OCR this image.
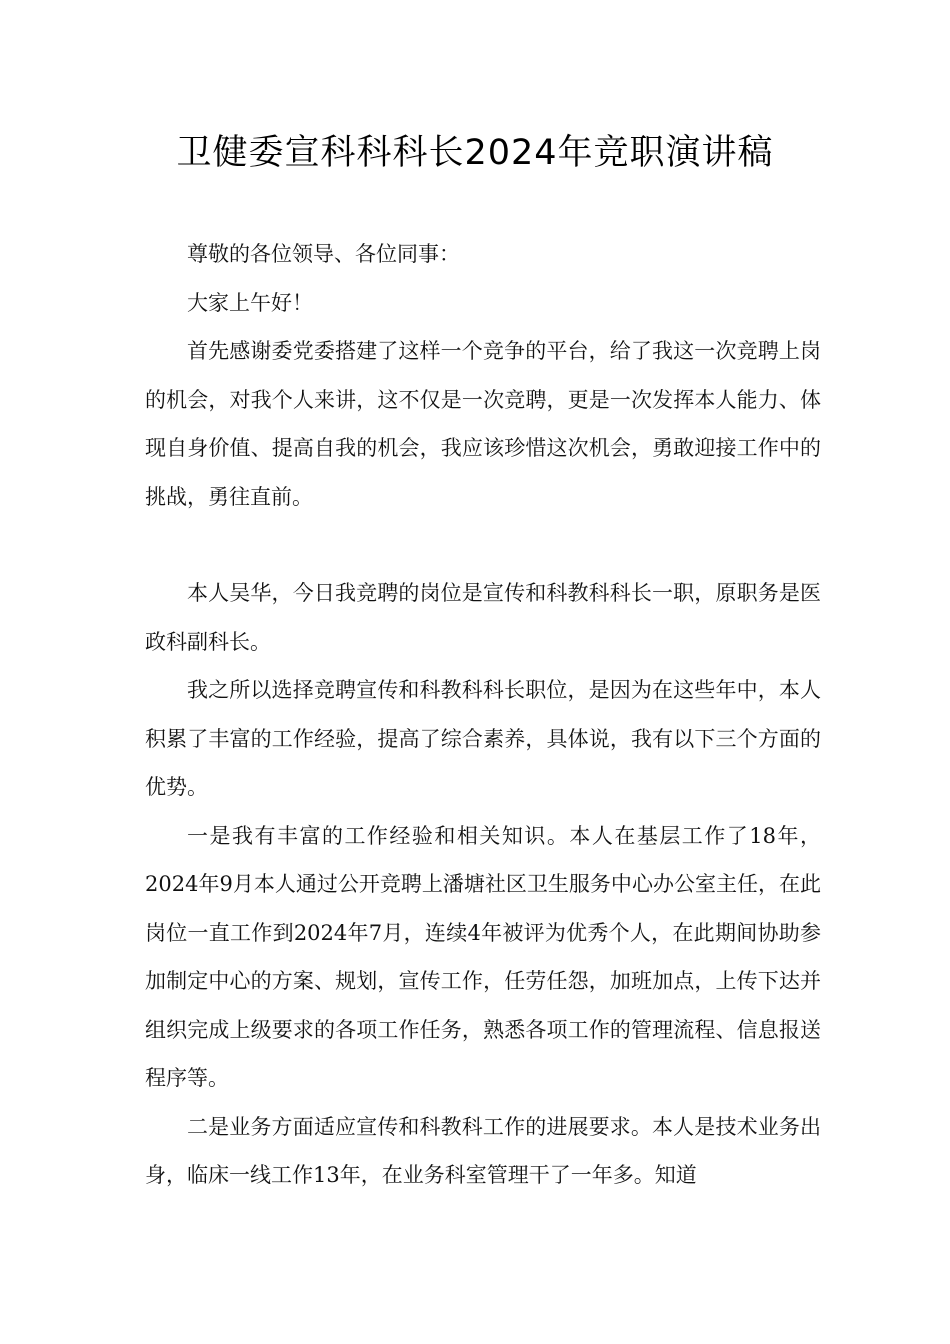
卫健委宣科科科长2024年竞职演讲稿

尊敬的各位领导、各位同事：

大家上午好！

首先感谢委党委搭建了这样一个竞争的平台，给了我这一次竞聘上岗的机会，对我个人来讲，这不仅是一次竞聘，更是一次发挥本人能力、体现自身价值、提高自我的机会，我应该珍惜这次机会，勇敢迎接工作中的挑战，勇往直前。

本人吴华，今日我竞聘的岗位是宣传和科教科科长一职，原职务是医政科副科长。

我之所以选择竞聘宣传和科教科科长职位，是因为在这些年中，本人积累了丰富的工作经验，提高了综合素养，具体说，我有以下三个方面的优势。

一是我有丰富的工作经验和相关知识。本人在基层工作了18年，2024年9月本人通过公开竞聘上潘塘社区卫生服务中心办公室主任，在此岗位一直工作到2024年7月，连续4年被评为优秀个人，在此期间协助参加制定中心的方案、规划，宣传工作，任劳任怨，加班加点，上传下达并组织完成上级要求的各项工作任务，熟悉各项工作的管理流程、信息报送程序等。

二是业务方面适应宣传和科教科工作的进展要求。本人是技术业务出身，临床一线工作13年，在业务科室管理干了一年多。知道
